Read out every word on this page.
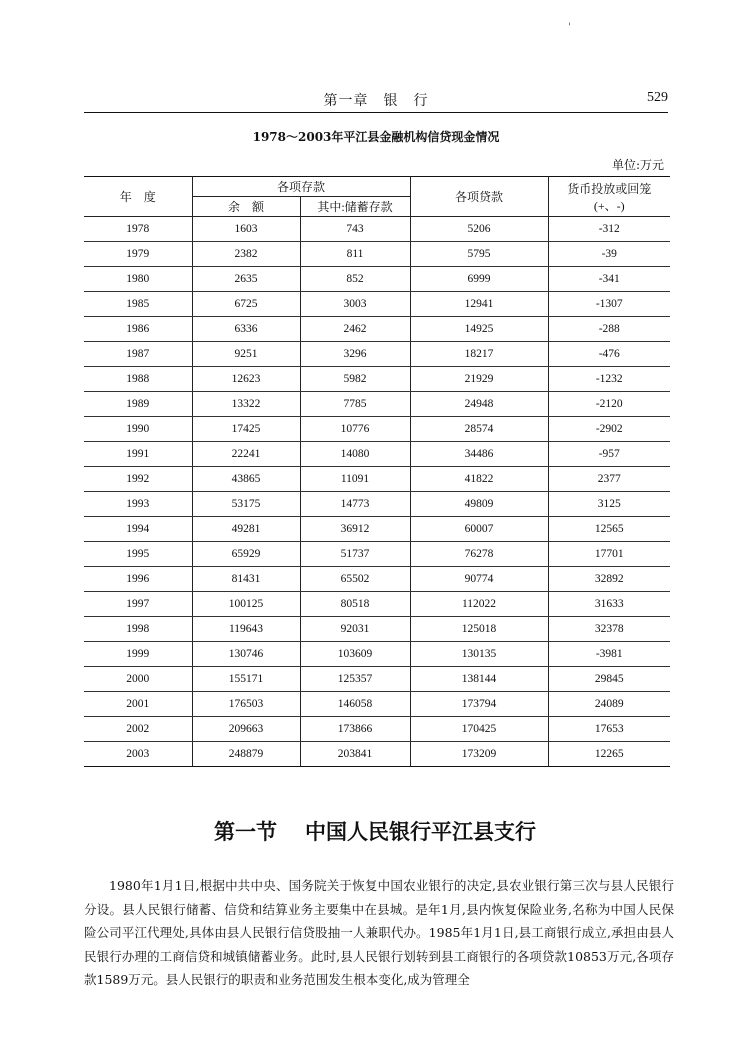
'
第一章　银　行	529
1978～2003年平江县金融机构信贷现金情况
单位:万元
年　度	各项存款		各项贷款	货币投放或回笼
(+、-)

	余　额	其中:储蓄存款		
1978	1603	743	5206	-312
1979	2382	811	5795	-39
1980	2635	852	6999	-341
1985	6725	3003	12941	-1307
1986	6336	2462	14925	-288
1987	9251	3296	18217	-476
1988	12623	5982	21929	-1232
1989	13322	7785	24948	-2120
1990	17425	10776	28574	-2902
1991	22241	14080	34486	-957
1992	43865	11091	41822	2377
1993	53175	14773	49809	3125
1994	49281	36912	60007	12565
1995	65929	51737	76278	17701
1996	81431	65502	90774	32892
1997	100125	80518	112022	31633
1998	119643	92031	125018	32378
1999	130746	103609	130135	-3981
2000	155171	125357	138144	29845
2001	176503	146058	173794	24089
2002	209663	173866	170425	17653
2003	248879	203841	173209	12265
第一节 中国人民银行平江县支行
1980年1月1日,根据中共中央、国务院关于恢复中国农业银行的决定,县农业银行第三次与县人民银行分设。县人民银行储蓄、信贷和结算业务主要集中在县城。是年1月,县内恢复保险业务,名称为中国人民保险公司平江代理处,具体由县人民银行信贷股抽一人兼职代办。1985年1月1日,县工商银行成立,承担由县人民银行办理的工商信贷和城镇储蓄业务。此时,县人民银行划转到县工商银行的各项贷款10853万元,各项存款1589万元。县人民银行的职责和业务范围发生根本变化,成为管理全
